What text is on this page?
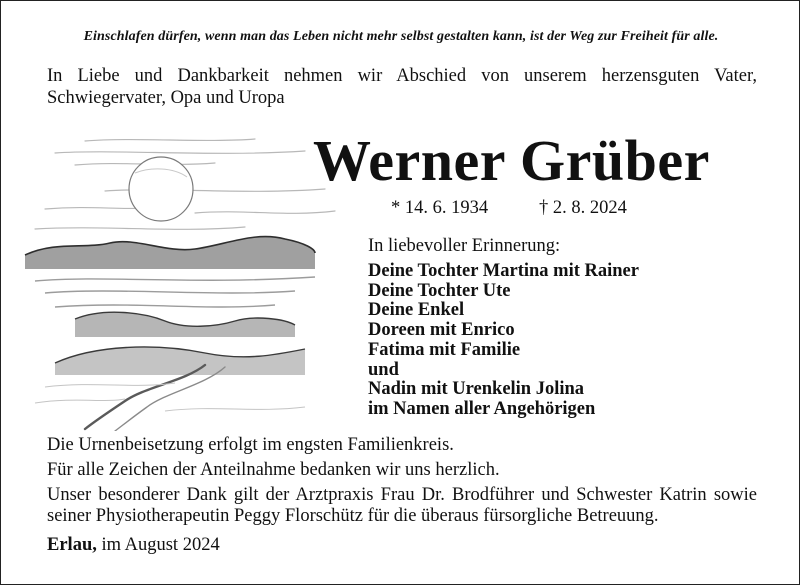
Einschlafen dürfen, wenn man das Leben nicht mehr selbst gestalten kann, ist der Weg zur Freiheit für alle.
In Liebe und Dankbarkeit nehmen wir Abschied von unserem herzensguten Vater, Schwiegervater, Opa und Uropa
Werner Grüber
* 14. 6. 1934	† 2. 8. 2024
In liebevoller Erinnerung:
Deine Tochter Martina mit Rainer
Deine Tochter Ute
Deine Enkel
Doreen mit Enrico
Fatima mit Familie
und
Nadin mit Urenkelin Jolina
im Namen aller Angehörigen
Die Urnenbeisetzung erfolgt im engsten Familienkreis.
Für alle Zeichen der Anteilnahme bedanken wir uns herzlich.
Unser besonderer Dank gilt der Arztpraxis Frau Dr. Brodführer und Schwester Katrin sowie seiner Physiotherapeutin Peggy Florschütz für die überaus fürsorgliche Betreuung.
Erlau, im August 2024
